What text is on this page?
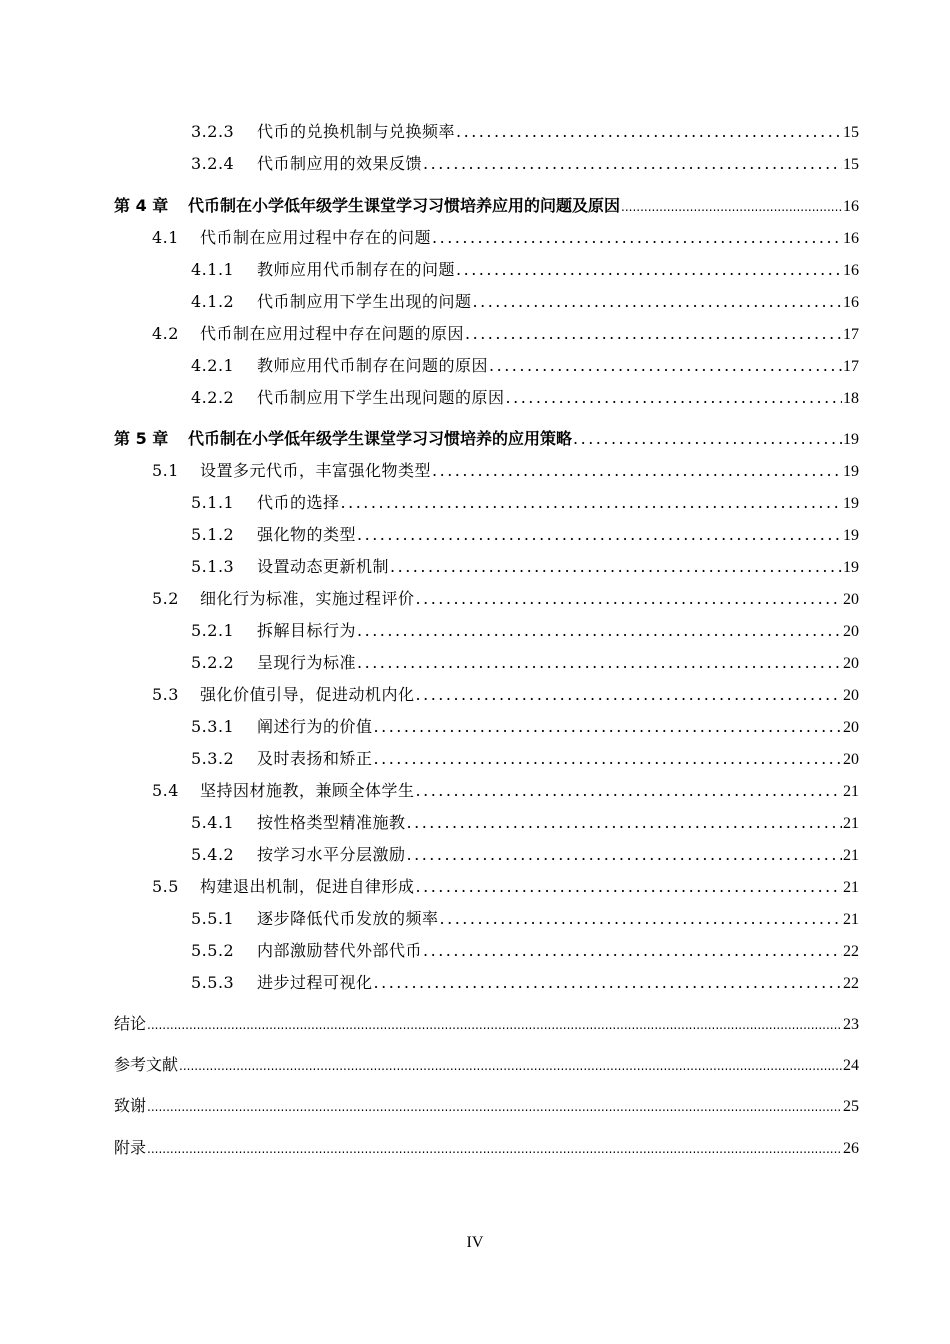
3.2.3	代币的兑换机制与兑换频率 .....	15
3.2.4	代币制应用的效果反馈 .....	15
第 4 章	代币制在小学低年级学生课堂学习习惯培养应用的问题及原因 .....	16
4.1	代币制在应用过程中存在的问题 .....	16
4.1.1	教师应用代币制存在的问题 .....	16
4.1.2	代币制应用下学生出现的问题 .....	16
4.2	代币制在应用过程中存在问题的原因 .....	17
4.2.1	教师应用代币制存在问题的原因 .....	17
4.2.2	代币制应用下学生出现问题的原因 .....	18
第 5 章	代币制在小学低年级学生课堂学习习惯培养的应用策略 .....	19
5.1	设置多元代币，丰富强化物类型 .....	19
5.1.1	代币的选择 .....	19
5.1.2	强化物的类型 .....	19
5.1.3	设置动态更新机制 .....	19
5.2	细化行为标准，实施过程评价 .....	20
5.2.1	拆解目标行为 .....	20
5.2.2	呈现行为标准 .....	20
5.3	强化价值引导，促进动机内化 .....	20
5.3.1	阐述行为的价值 .....	20
5.3.2	及时表扬和矫正 .....	20
5.4	坚持因材施教，兼顾全体学生 .....	21
5.4.1	按性格类型精准施教 .....	21
5.4.2	按学习水平分层激励 .....	21
5.5	构建退出机制，促进自律形成 .....	21
5.5.1	逐步降低代币发放的频率 .....	21
5.5.2	内部激励替代外部代币 .....	22
5.5.3	进步过程可视化 .....	22
结论 .....	23
参考文献 .....	24
致谢 .....	25
附录 .....	26
IV
